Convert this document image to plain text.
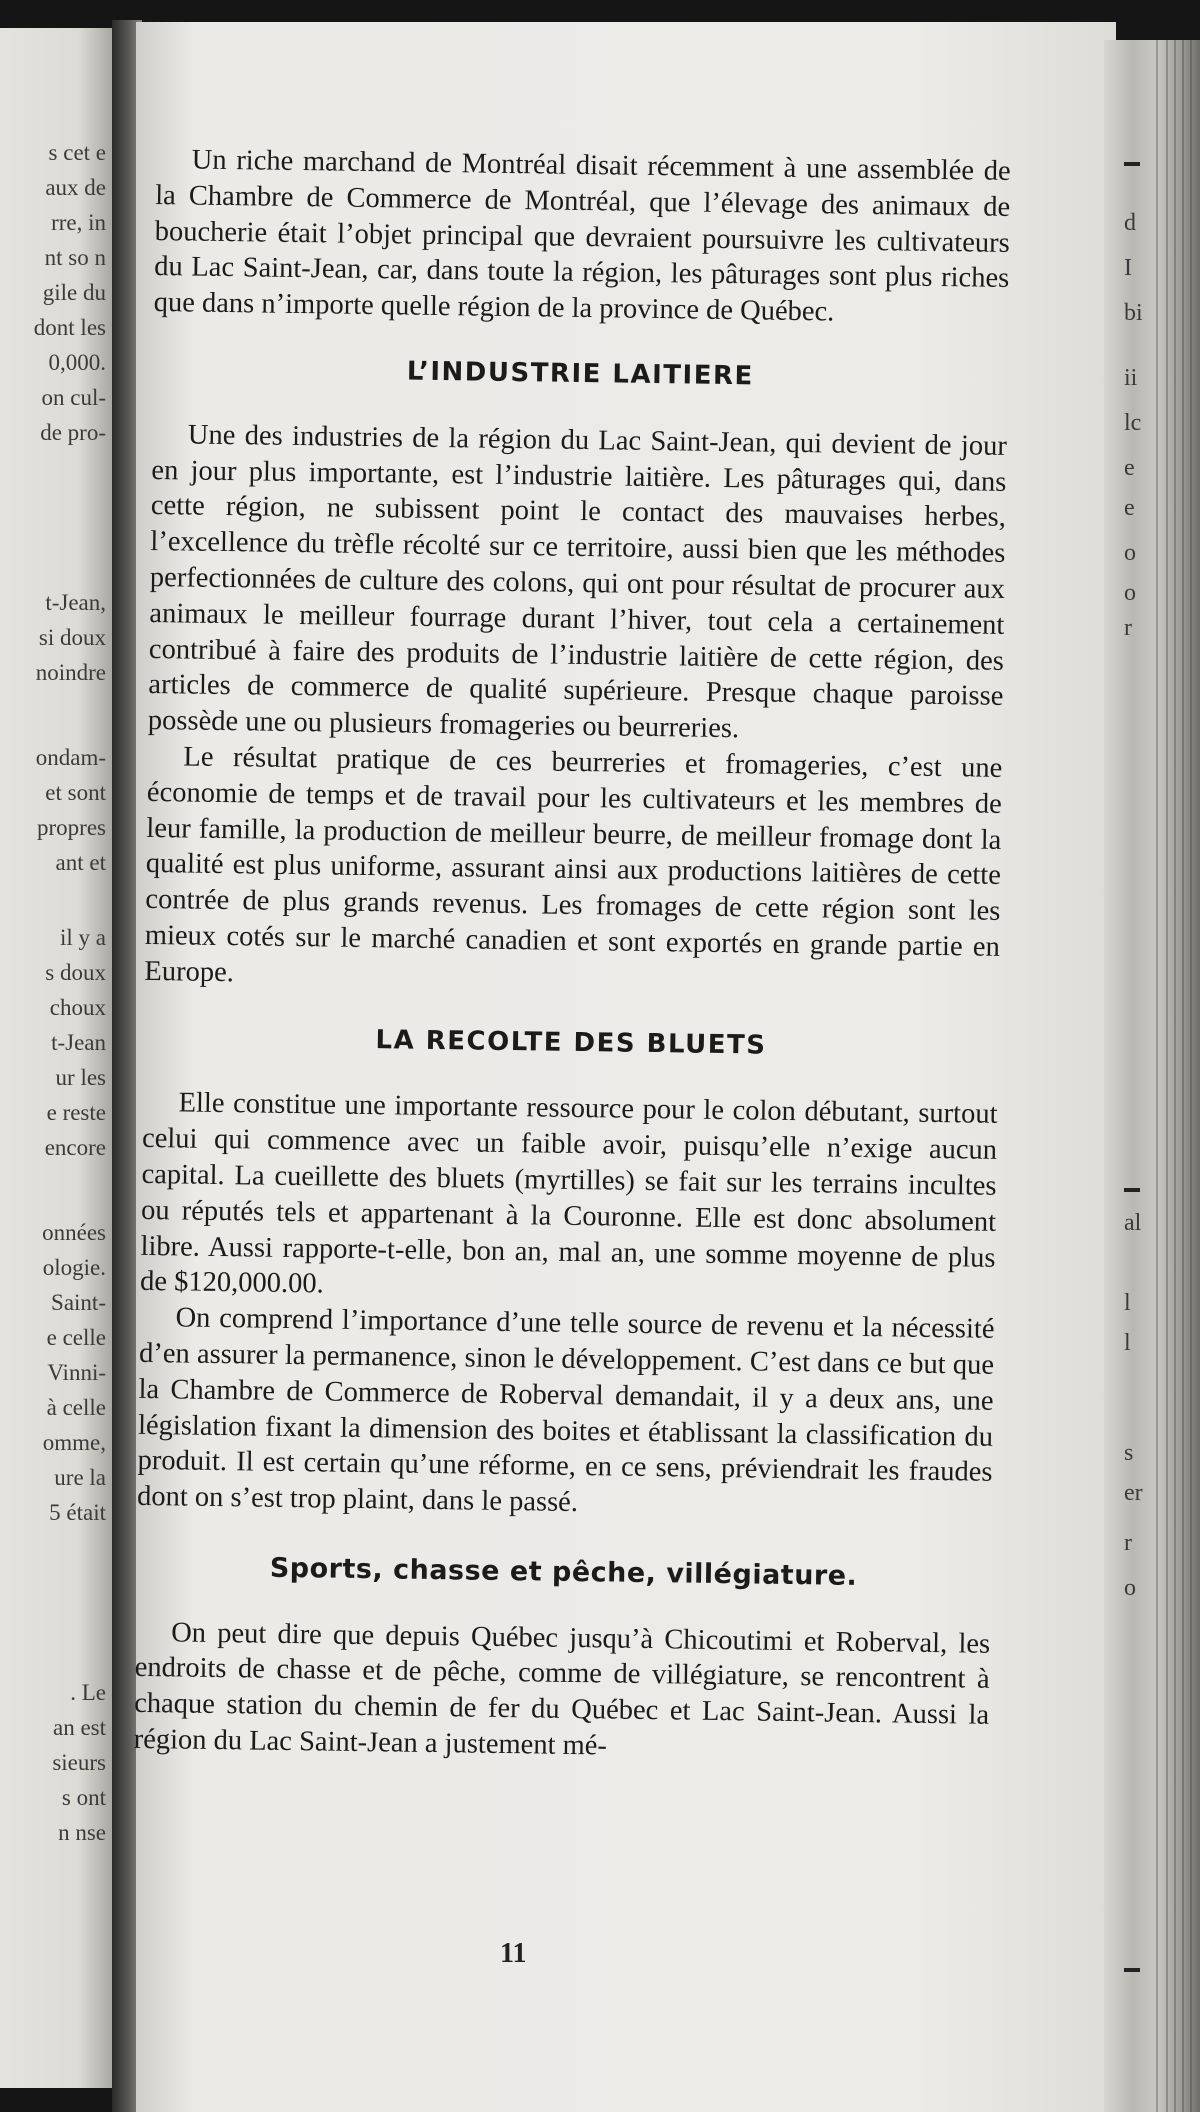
s cet e
aux de
rre, in
nt so n
gile du
dont les
0,000.
on cul-
de pro-
t-Jean,
si doux
noindre
ondam-
et sont
propres
ant et
il y a
s doux
choux
t-Jean
ur les
e reste
encore
onnées
ologie.
Saint-
e celle
Vinni-
à celle
omme,
ure la
5 était
. Le
an est
sieurs
s ont
n nse

Un riche marchand de Montréal disait récemment à une assemblée de la Chambre de Commerce de Montréal, que l’élevage des animaux de boucherie était l’objet principal que devraient poursuivre les cultivateurs du Lac Saint-Jean, car, dans toute la région, les pâturages sont plus riches que dans n’importe quelle région de la province de Québec.

L’INDUSTRIE LAITIERE

Une des industries de la région du Lac Saint-Jean, qui devient de jour en jour plus importante, est l’industrie laitière. Les pâturages qui, dans cette région, ne subissent point le contact des mauvaises herbes, l’excellence du trèfle récolté sur ce territoire, aussi bien que les méthodes perfectionnées de culture des colons, qui ont pour résultat de procurer aux animaux le meilleur fourrage durant l’hiver, tout cela a certainement contribué à faire des produits de l’industrie laitière de cette région, des articles de commerce de qualité supérieure. Presque chaque paroisse possède une ou plusieurs fromageries ou beurreries.

Le résultat pratique de ces beurreries et fromageries, c’est une économie de temps et de travail pour les cultivateurs et les membres de leur famille, la production de meilleur beurre, de meilleur fromage dont la qualité est plus uniforme, assurant ainsi aux productions laitières de cette contrée de plus grands revenus. Les fromages de cette région sont les mieux cotés sur le marché canadien et sont exportés en grande partie en Europe.

LA RECOLTE DES BLUETS

Elle constitue une importante ressource pour le colon débutant, surtout celui qui commence avec un faible avoir, puisqu’elle n’exige aucun capital. La cueillette des bluets (myrtilles) se fait sur les terrains incultes ou réputés tels et appartenant à la Couronne. Elle est donc absolument libre. Aussi rapporte-t-elle, bon an, mal an, une somme moyenne de plus de $120,000.00.

On comprend l’importance d’une telle source de revenu et la nécessité d’en assurer la permanence, sinon le développement. C’est dans ce but que la Chambre de Commerce de Roberval demandait, il y a deux ans, une législation fixant la dimension des boites et établissant la classification du produit. Il est certain qu’une réforme, en ce sens, préviendrait les fraudes dont on s’est trop plaint, dans le passé.

Sports, chasse et pêche, villégiature.

On peut dire que depuis Québec jusqu’à Chicoutimi et Roberval, les endroits de chasse et de pêche, comme de villégiature, se rencontrent à chaque station du chemin de fer du Québec et Lac Saint-Jean. Aussi la région du Lac Saint-Jean a justement mé-

11
d
I
bi
ii
lc
e
e
o
o
r
al
l
l
s
er
r
o
